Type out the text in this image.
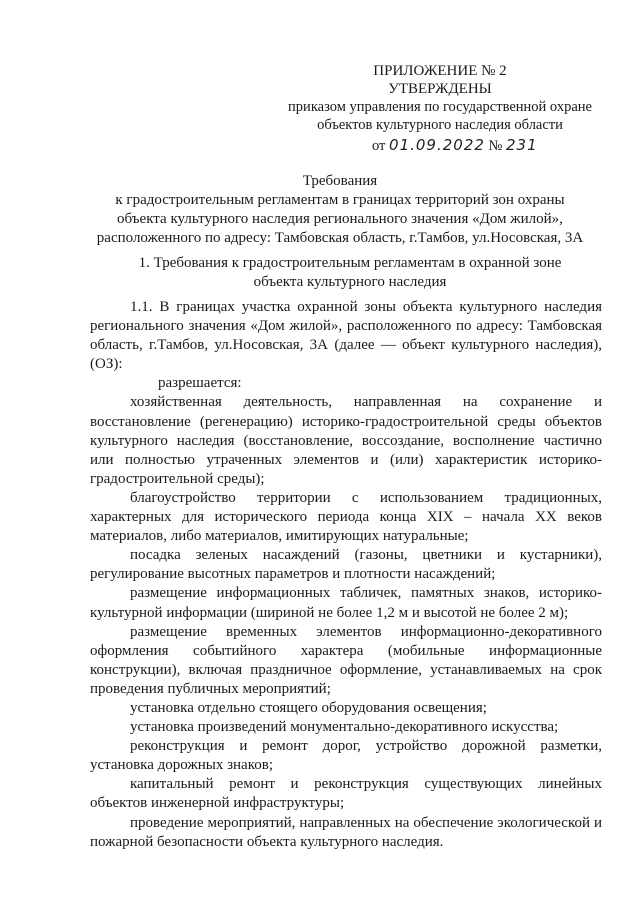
ПРИЛОЖЕНИЕ № 2
УТВЕРЖДЕНЫ
приказом управления по государственной охране
объектов культурного наследия области
от 01.09.2022 № 231
Требования
к градостроительным регламентам в границах территорий зон охраны
объекта культурного наследия регионального значения «Дом жилой»,
расположенного по адресу: Тамбовская область, г.Тамбов, ул.Носовская, 3А
1. Требования к градостроительным регламентам в охранной зоне
объекта культурного наследия

1.1. В границах участка охранной зоны объекта культурного наследия регионального значения «Дом жилой», расположенного по адресу: Тамбовская область, г.Тамбов, ул.Носовская, 3А (далее — объект культурного наследия), (ОЗ):

разрешается:

хозяйственная деятельность, направленная на сохранение и восстановление (регенерацию) историко-градостроительной среды объектов культурного наследия (восстановление, воссоздание, восполнение частично или полностью утраченных элементов и (или) характеристик историко-градостроительной среды);

благоустройство территории с использованием традиционных, характерных для исторического периода конца XIX – начала XX веков материалов, либо материалов, имитирующих натуральные;

посадка зеленых насаждений (газоны, цветники и кустарники), регулирование высотных параметров и плотности насаждений;

размещение информационных табличек, памятных знаков, историко-культурной информации (шириной не более 1,2 м и высотой не более 2 м);

размещение временных элементов информационно-декоративного оформления событийного характера (мобильные информационные конструкции), включая праздничное оформление, устанавливаемых на срок проведения публичных мероприятий;

установка отдельно стоящего оборудования освещения;

установка произведений монументально-декоративного искусства;

реконструкция и ремонт дорог, устройство дорожной разметки, установка дорожных знаков;

капитальный ремонт и реконструкция существующих линейных объектов инженерной инфраструктуры;

проведение мероприятий, направленных на обеспечение экологической и пожарной безопасности объекта культурного наследия.
